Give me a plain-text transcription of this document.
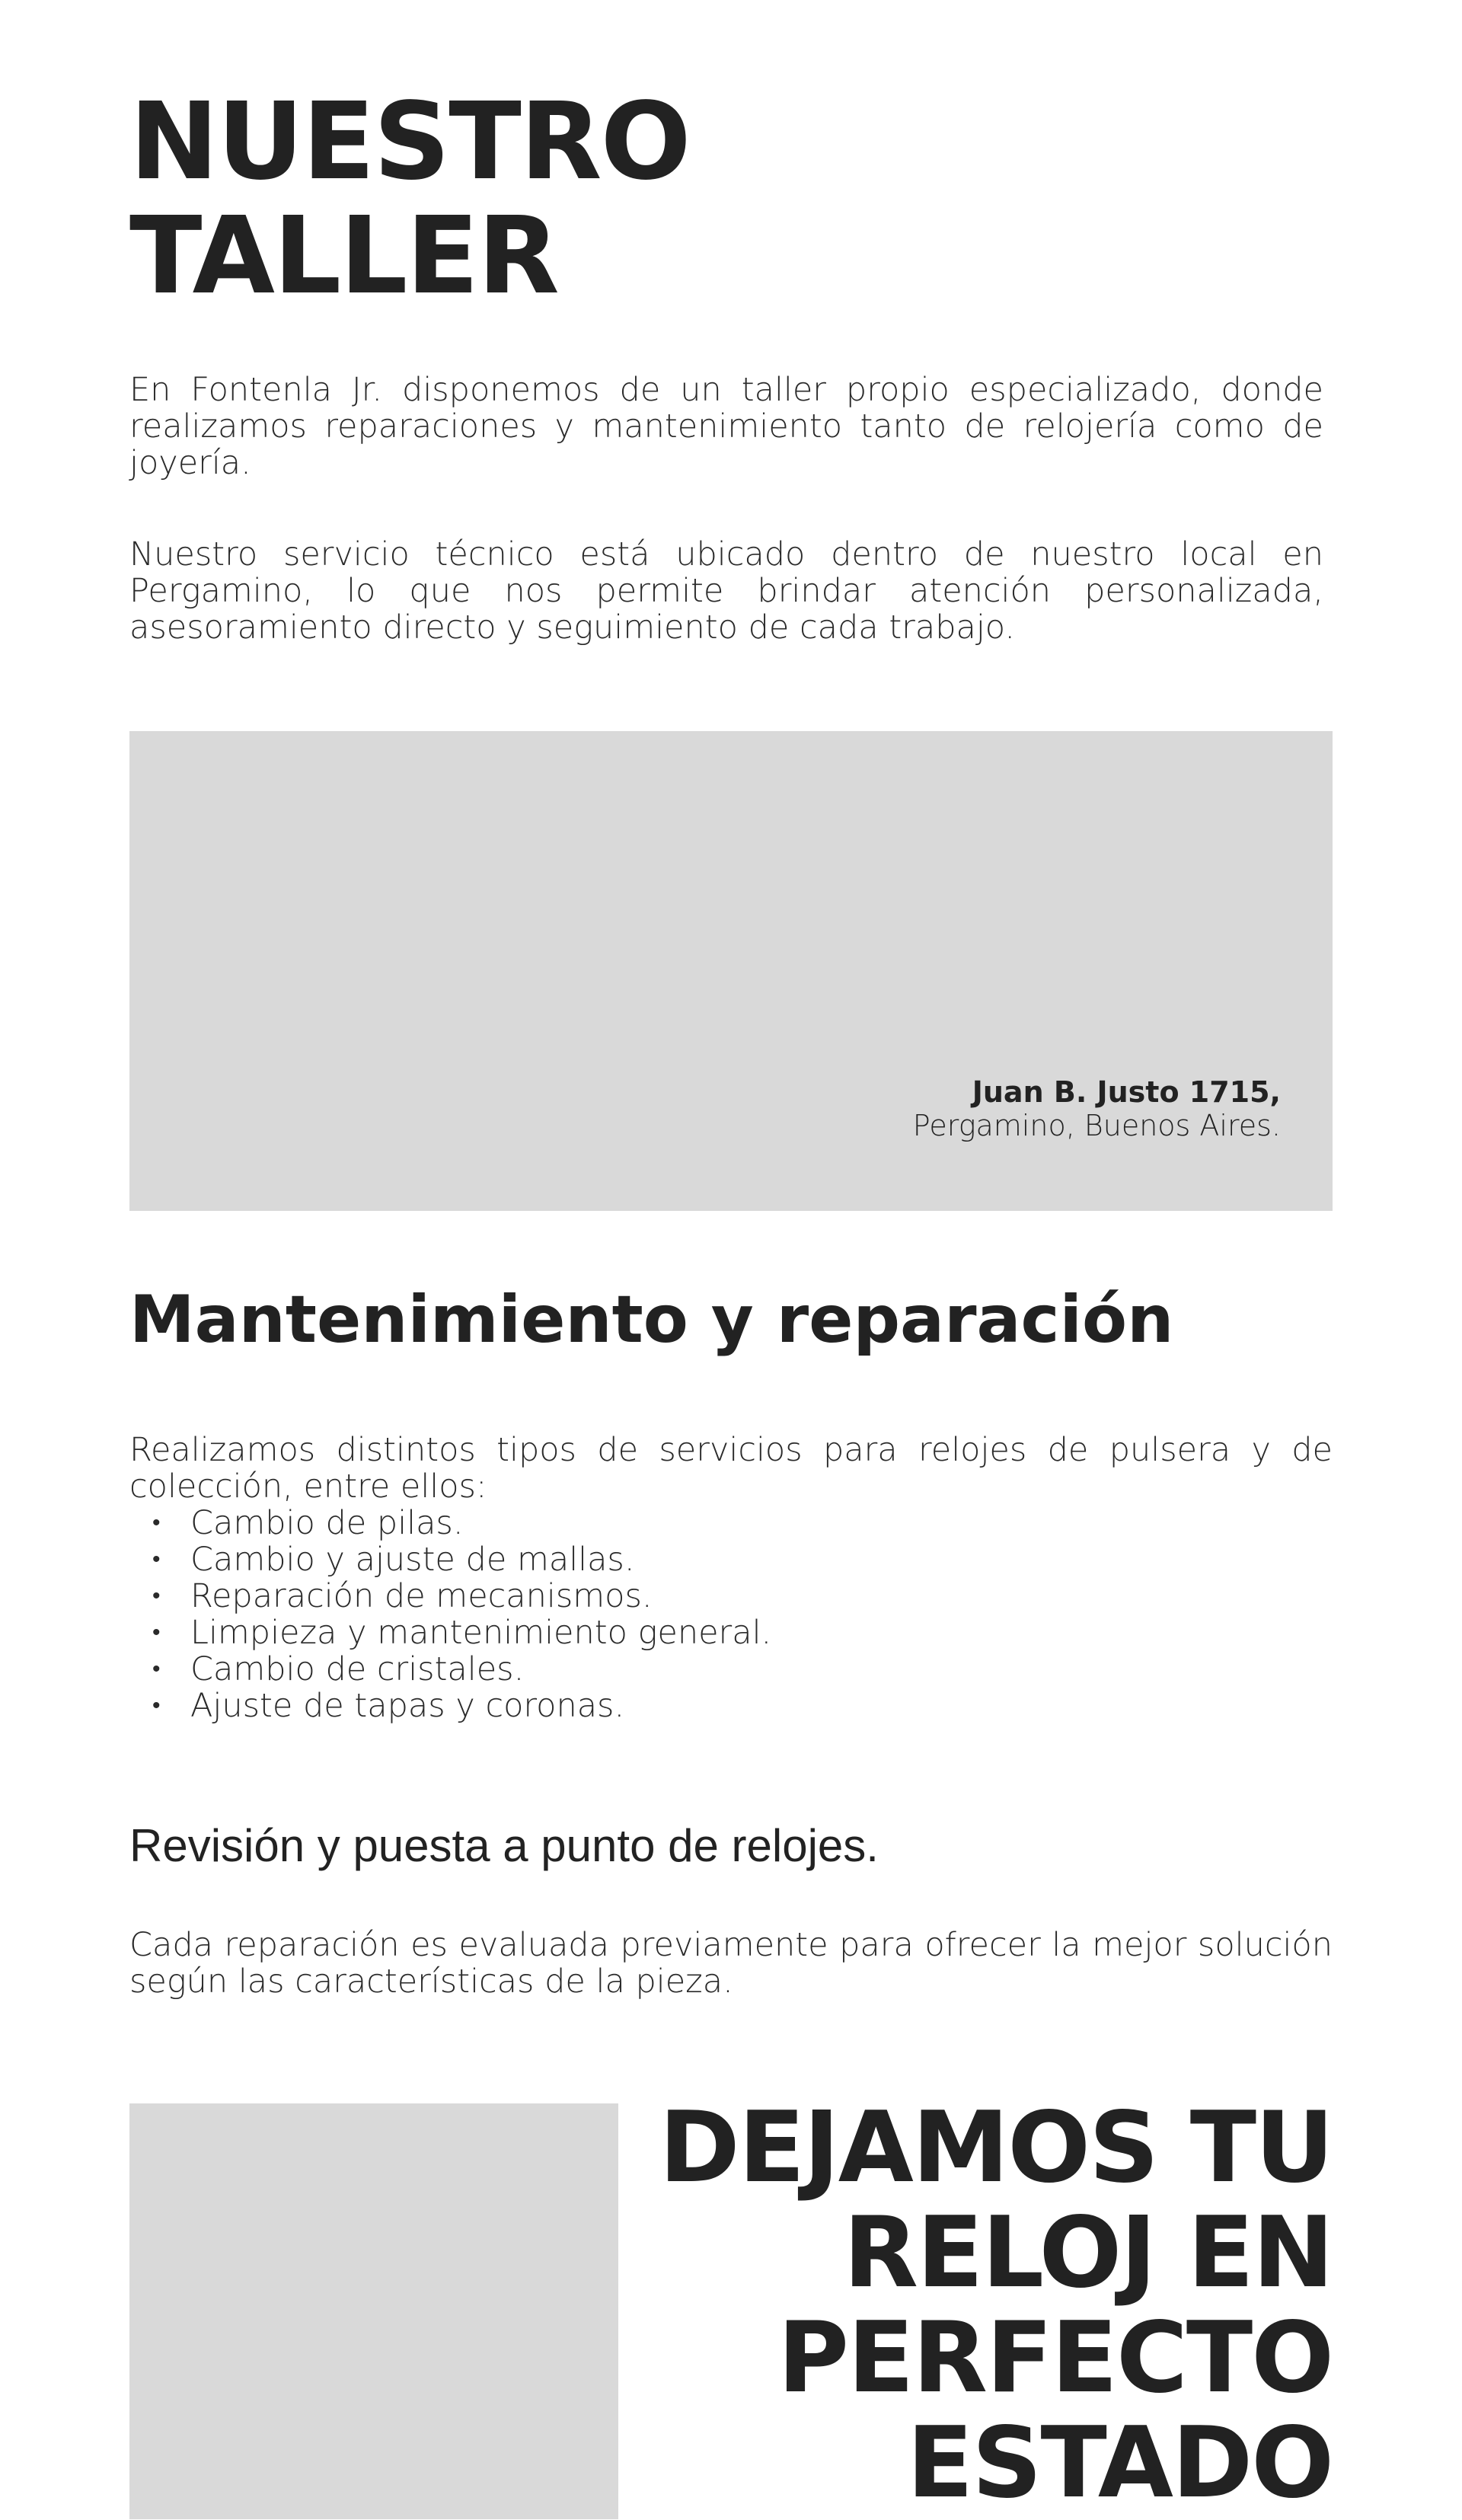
NUESTRO
TALLER

En Fontenla Jr. disponemos de un taller propio especializado, donde realizamos reparaciones y mantenimiento tanto de relojería como de joyería.

Nuestro servicio técnico está ubicado dentro de nuestro local en Pergamino, lo que nos permite brindar atención personalizada, asesoramiento directo y seguimiento de cada trabajo.

Juan B. Justo 1715,
Pergamino, Buenos Aires.
Mantenimiento y reparación

Realizamos distintos tipos de servicios para relojes de pulsera y de colección, entre ellos:

• Cambio de pilas.
• Cambio y ajuste de mallas.
• Reparación de mecanismos.
• Limpieza y mantenimiento general.
• Cambio de cristales.
• Ajuste de tapas y coronas.
Revisión y puesta a punto de relojes.

Cada reparación es evaluada previamente para ofrecer la mejor solución según las características de la pieza.

DEJAMOS TU
RELOJ EN
PERFECTO
ESTADO
